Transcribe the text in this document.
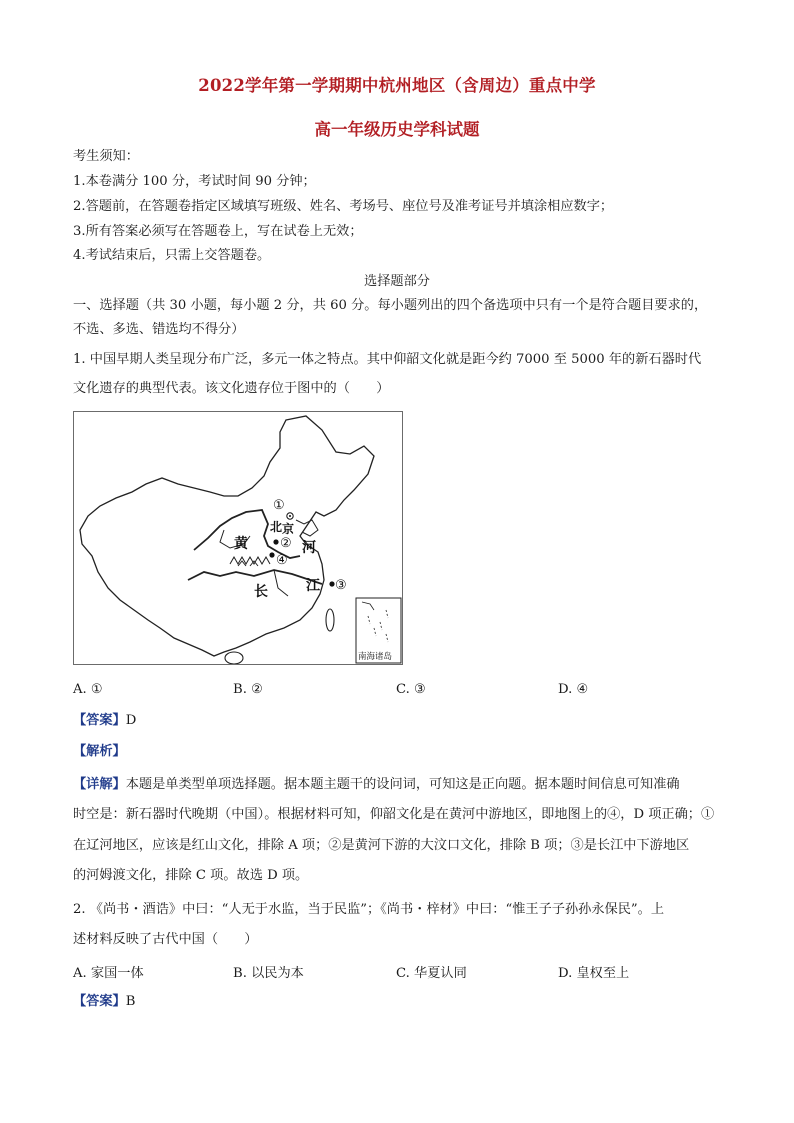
2022学年第一学期期中杭州地区（含周边）重点中学
高一年级历史学科试题
考生须知：
1.本卷满分 100 分，考试时间 90 分钟；
2.答题前，在答题卷指定区域填写班级、姓名、考场号、座位号及准考证号并填涂相应数字；
3.所有答案必须写在答题卷上，写在试卷上无效；
4.考试结束后，只需上交答题卷。
选择题部分
一、选择题（共 30 小题，每小题 2 分，共 60 分。每小题列出的四个备选项中只有一个是符合题目要求的，
不选、多选、错选均不得分）
1. 中国早期人类呈现分布广泛，多元一体之特点。其中仰韶文化就是距今约 7000 至 5000 年的新石器时代
文化遗存的典型代表。该文化遗存位于图中的（　　）
①
北 京
②
④
黄	河
长	江 ③
南海诸岛
A. ①	B. ②	C. ③	D. ④
【答案】D
【解析】
【详解】本题是单类型单项选择题。据本题主题干的设问词，可知这是正向题。据本题时间信息可知准确
时空是：新石器时代晚期（中国）。根据材料可知，仰韶文化是在黄河中游地区，即地图上的④，D 项正确；①
在辽河地区，应该是红山文化，排除 A 项；②是黄河下游的大汶口文化，排除 B 项；③是长江中下游地区
的河姆渡文化，排除 C 项。故选 D 项。
2. 《尚书・酒诰》中曰：“人无于水监，当于民监”；《尚书・梓材》中曰：“惟王子子孙孙永保民”。上
述材料反映了古代中国（　　）
A. 家国一体	B. 以民为本	C. 华夏认同	D. 皇权至上
【答案】B
